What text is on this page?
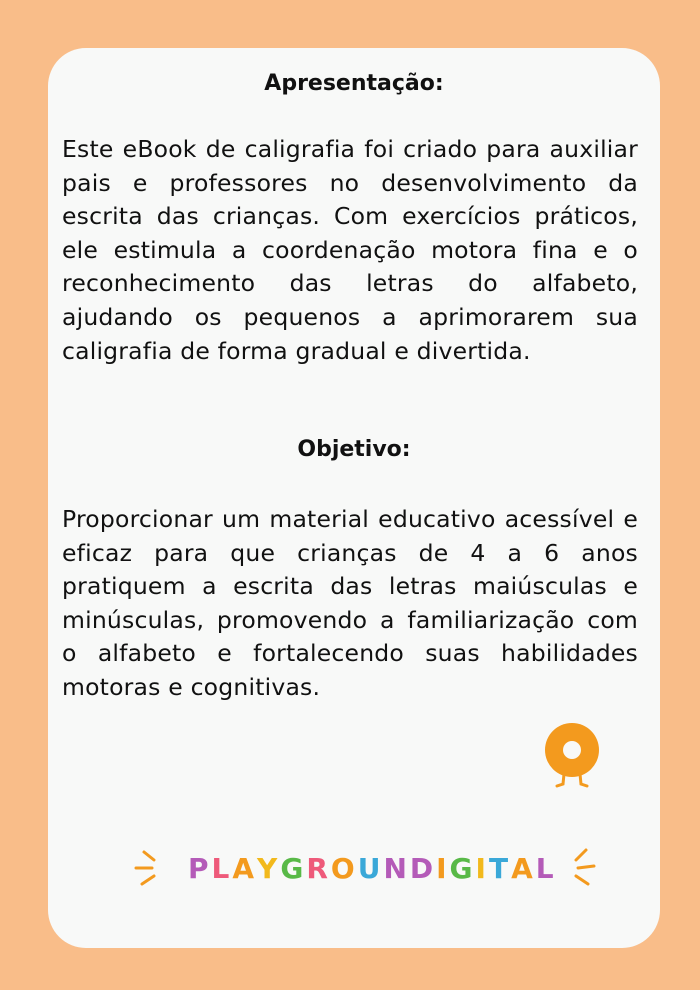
Apresentação:

Este eBook de caligrafia foi criado para auxiliar pais e professores no desenvolvimento da escrita das crianças. Com exercícios práticos, ele estimula a coordenação motora fina e o reconhecimento das letras do alfabeto, ajudando os pequenos a aprimorarem sua caligrafia de forma gradual e divertida.

Objetivo:

Proporcionar um material educativo acessível e eficaz para que crianças de 4 a 6 anos pratiquem a escrita das letras maiúsculas e minúsculas, promovendo a familiarização com o alfabeto e fortalecendo suas habilidades motoras e cognitivas.

P L A Y G R O U N D I G I T A L
